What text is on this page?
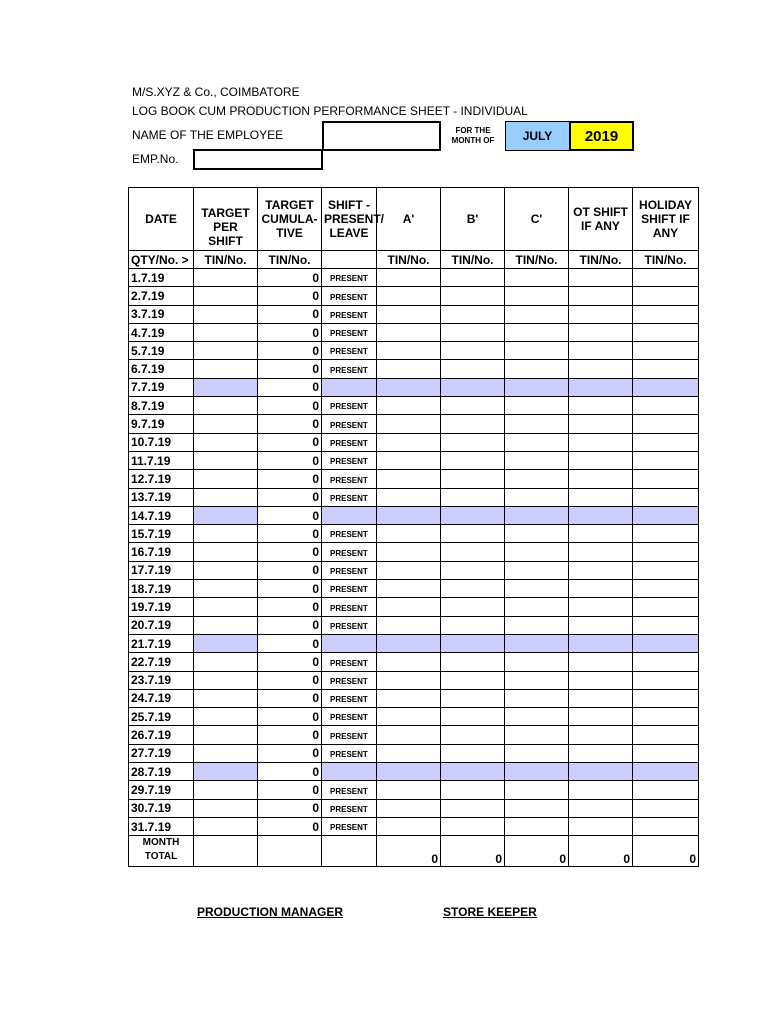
M/S.XYZ & Co., COIMBATORE
LOG BOOK CUM PRODUCTION PERFORMANCE SHEET - INDIVIDUAL
NAME OF THE EMPLOYEE	FOR THE MONTH OF	JULY	2019
EMP.No.
DATE	TARGET PER SHIFT	TARGET CUMULA-TIVE	SHIFT - PRESENT/ LEAVE	A'	B'	C'	OT SHIFT IF ANY	HOLIDAY SHIFT IF ANY
QTY/No. >	TIN/No.	TIN/No.		TIN/No.	TIN/No.	TIN/No.	TIN/No.	TIN/No.
1.7.19		0	PRESENT					
2.7.19		0	PRESENT					
3.7.19		0	PRESENT					
4.7.19		0	PRESENT					
5.7.19		0	PRESENT					
6.7.19		0	PRESENT					
7.7.19		0						
8.7.19		0	PRESENT					
9.7.19		0	PRESENT					
10.7.19		0	PRESENT					
11.7.19		0	PRESENT					
12.7.19		0	PRESENT					
13.7.19		0	PRESENT					
14.7.19		0						
15.7.19		0	PRESENT					
16.7.19		0	PRESENT					
17.7.19		0	PRESENT					
18.7.19		0	PRESENT					
19.7.19		0	PRESENT					
20.7.19		0	PRESENT					
21.7.19		0						
22.7.19		0	PRESENT					
23.7.19		0	PRESENT					
24.7.19		0	PRESENT					
25.7.19		0	PRESENT					
26.7.19		0	PRESENT					
27.7.19		0	PRESENT					
28.7.19		0						
29.7.19		0	PRESENT					
30.7.19		0	PRESENT					
31.7.19		0	PRESENT					
MONTH TOTAL				0	0	0	0	0
PRODUCTION MANAGER	STORE KEEPER
